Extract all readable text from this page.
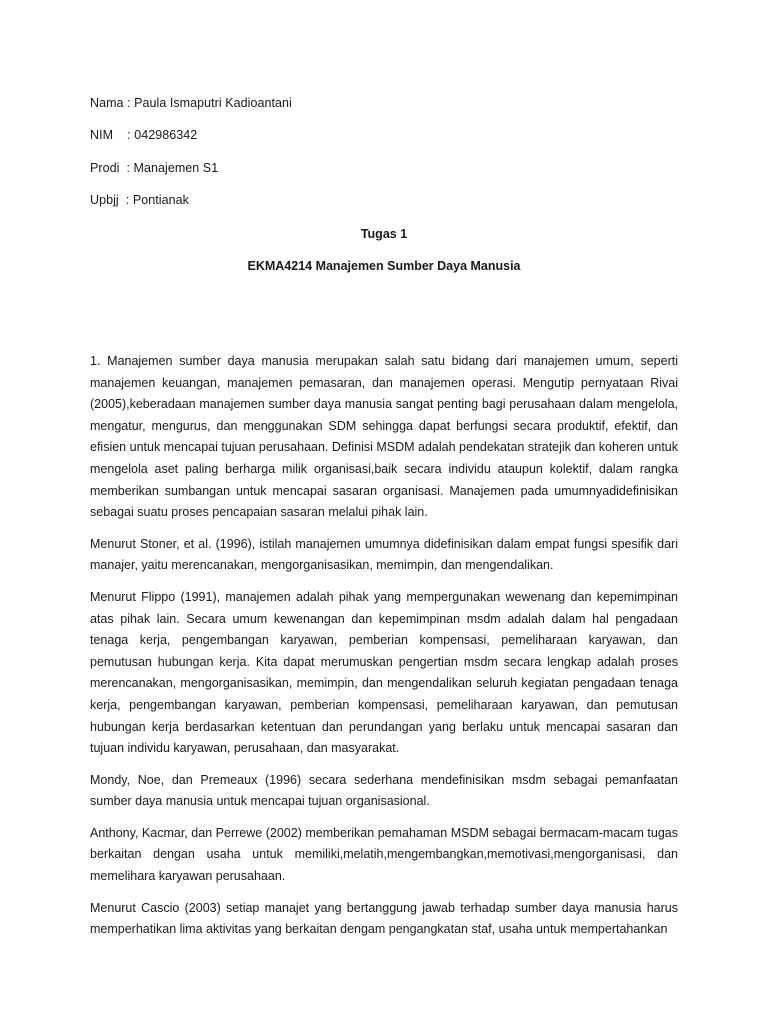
Nama : Paula Ismaputri Kadioantani
NIM    : 042986342
Prodi  : Manajemen S1
Upbjj  : Pontianak
Tugas 1
EKMA4214 Manajemen Sumber Daya Manusia

1. Manajemen sumber daya manusia merupakan salah satu bidang dari manajemen umum, seperti manajemen keuangan, manajemen pemasaran, dan manajemen operasi. Mengutip pernyataan Rivai (2005),keberadaan manajemen sumber daya manusia sangat penting bagi perusahaan dalam mengelola, mengatur, mengurus, dan menggunakan SDM sehingga dapat berfungsi secara produktif, efektif, dan efisien untuk mencapai tujuan perusahaan. Definisi MSDM adalah pendekatan stratejik dan koheren untuk mengelola aset paling berharga milik organisasi,baik secara individu ataupun kolektif, dalam rangka memberikan sumbangan untuk mencapai sasaran organisasi. Manajemen pada umumnyadidefinisikan sebagai suatu proses pencapaian sasaran melalui pihak lain.

Menurut Stoner, et al. (1996), istilah manajemen umumnya didefinisikan dalam empat fungsi spesifik dari manajer, yaitu merencanakan, mengorganisasikan, memimpin, dan mengendalikan.

Menurut Flippo (1991), manajemen adalah pihak yang mempergunakan wewenang dan kepemimpinan atas pihak lain. Secara umum kewenangan dan kepemimpinan msdm adalah dalam hal pengadaan tenaga kerja, pengembangan karyawan, pemberian kompensasi, pemeliharaan karyawan, dan pemutusan hubungan kerja. Kita dapat merumuskan pengertian msdm secara lengkap adalah proses merencanakan, mengorganisasikan, memimpin, dan mengendalikan seluruh kegiatan pengadaan tenaga kerja, pengembangan karyawan, pemberian kompensasi, pemeliharaan karyawan, dan pemutusan hubungan kerja berdasarkan ketentuan dan perundangan yang berlaku untuk mencapai sasaran dan tujuan individu karyawan, perusahaan, dan masyarakat.

Mondy, Noe, dan Premeaux (1996) secara sederhana mendefinisikan msdm sebagai pemanfaatan sumber daya manusia untuk mencapai tujuan organisasional.

Anthony, Kacmar, dan Perrewe (2002) memberikan pemahaman MSDM sebagai bermacam-macam tugas berkaitan dengan usaha untuk memiliki,melatih,mengembangkan,memotivasi,mengorganisasi, dan memelihara karyawan perusahaan.

Menurut Cascio (2003) setiap manajet yang bertanggung jawab terhadap sumber daya manusia harus memperhatikan lima aktivitas yang berkaitan dengam pengangkatan staf, usaha untuk mempertahankan
